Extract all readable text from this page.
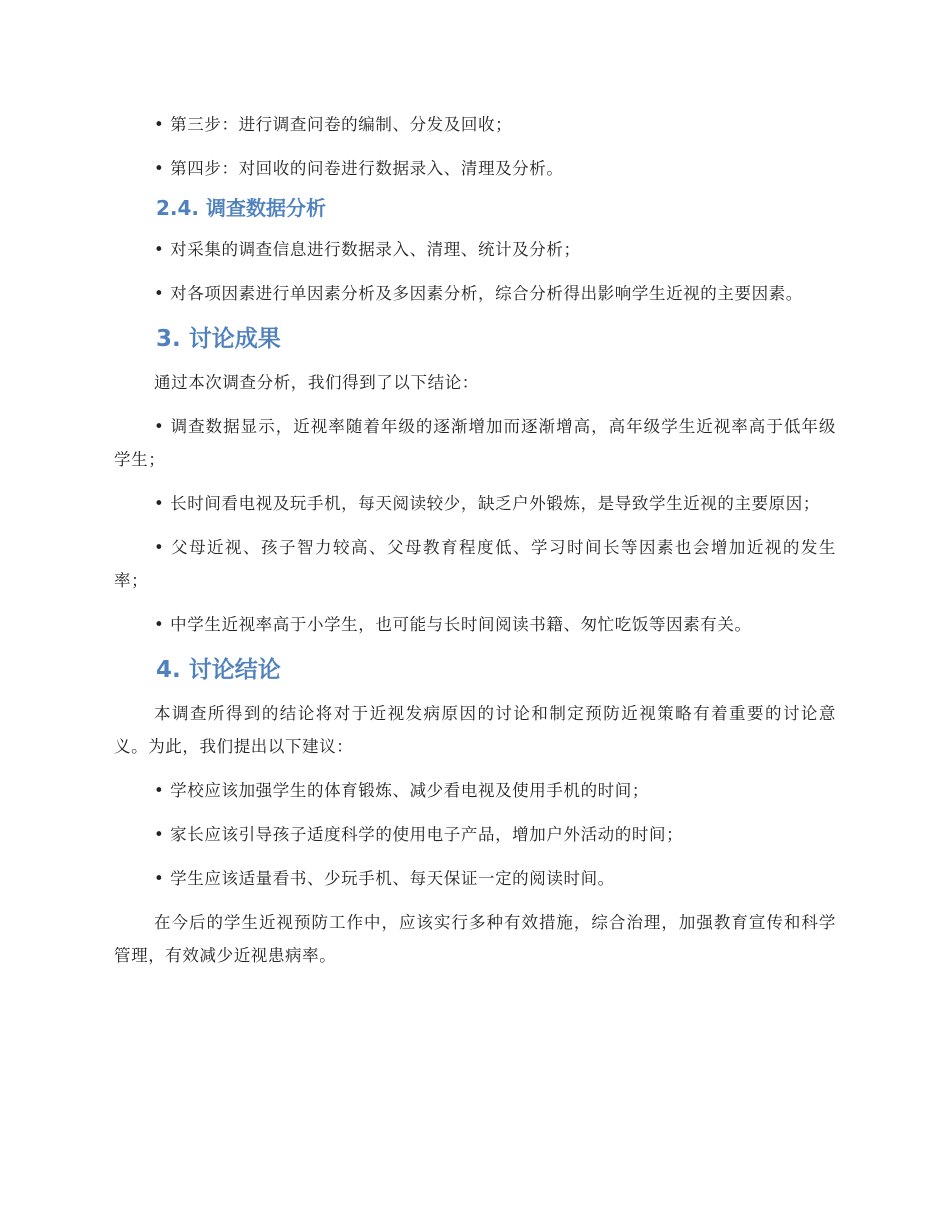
• 第三步：进行调查问卷的编制、分发及回收；

• 第四步：对回收的问卷进行数据录入、清理及分析。

2.4. 调查数据分析

• 对采集的调查信息进行数据录入、清理、统计及分析；

• 对各项因素进行单因素分析及多因素分析，综合分析得出影响学生近视的主要因素。

3. 讨论成果

通过本次调查分析，我们得到了以下结论：

• 调查数据显示，近视率随着年级的逐渐增加而逐渐增高，高年级学生近视率高于低年级学生；

• 长时间看电视及玩手机，每天阅读较少，缺乏户外锻炼，是导致学生近视的主要原因；

• 父母近视、孩子智力较高、父母教育程度低、学习时间长等因素也会增加近视的发生率；

• 中学生近视率高于小学生，也可能与长时间阅读书籍、匆忙吃饭等因素有关。

4. 讨论结论

本调查所得到的结论将对于近视发病原因的讨论和制定预防近视策略有着重要的讨论意义。为此，我们提出以下建议：

• 学校应该加强学生的体育锻炼、减少看电视及使用手机的时间；

• 家长应该引导孩子适度科学的使用电子产品，增加户外活动的时间；

• 学生应该适量看书、少玩手机、每天保证一定的阅读时间。

在今后的学生近视预防工作中，应该实行多种有效措施，综合治理，加强教育宣传和科学管理，有效减少近视患病率。
